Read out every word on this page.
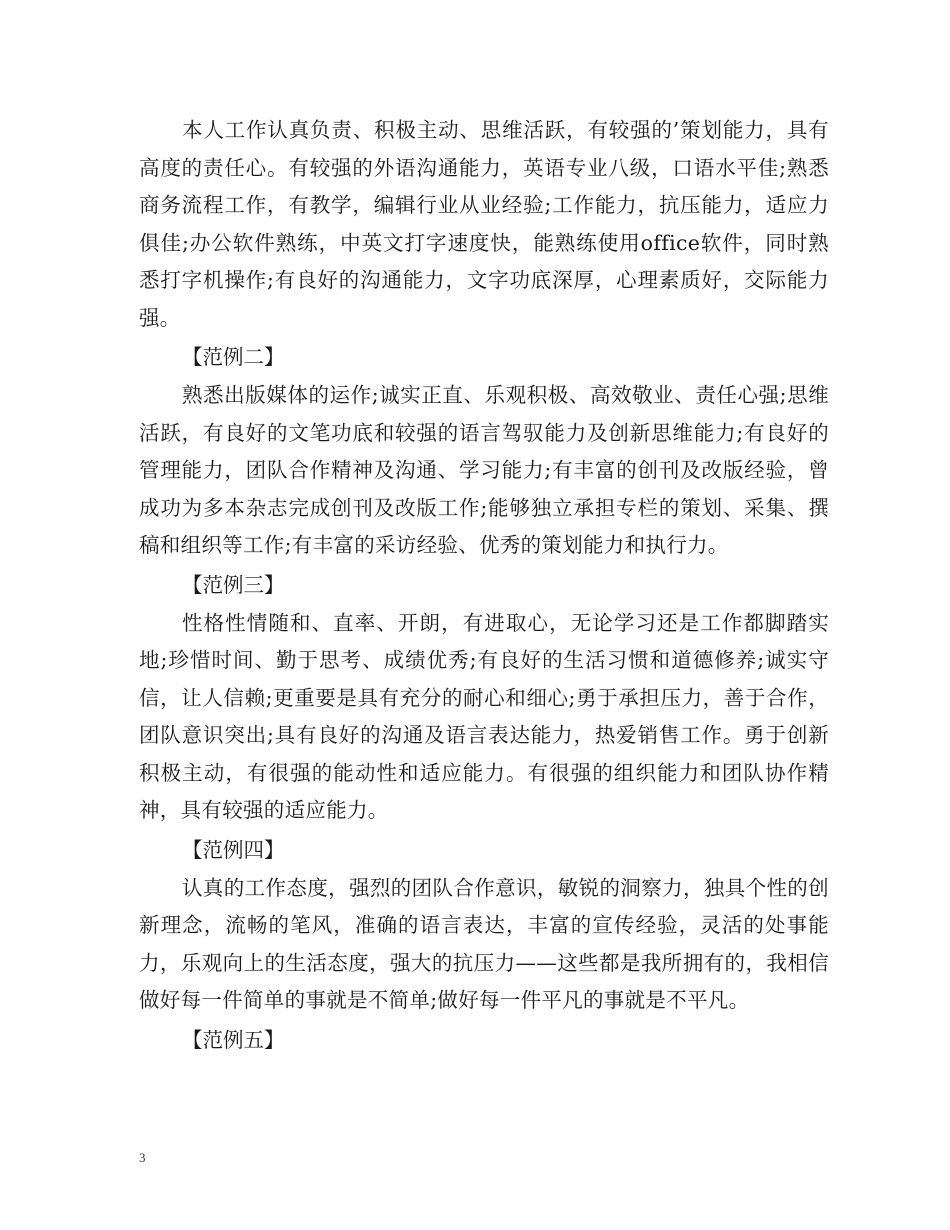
本人工作认真负责、积极主动、思维活跃，有较强的’策划能力，具有高度的责任心。有较强的外语沟通能力，英语专业八级，口语水平佳;熟悉商务流程工作，有教学，编辑行业从业经验;工作能力，抗压能力，适应力俱佳;办公软件熟练，中英文打字速度快，能熟练使用office软件，同时熟悉打字机操作;有良好的沟通能力，文字功底深厚，心理素质好，交际能力强。

【范例二】

熟悉出版媒体的运作;诚实正直、乐观积极、高效敬业、责任心强;思维活跃，有良好的文笔功底和较强的语言驾驭能力及创新思维能力;有良好的管理能力，团队合作精神及沟通、学习能力;有丰富的创刊及改版经验，曾成功为多本杂志完成创刊及改版工作;能够独立承担专栏的策划、采集、撰稿和组织等工作;有丰富的采访经验、优秀的策划能力和执行力。

【范例三】

性格性情随和、直率、开朗，有进取心，无论学习还是工作都脚踏实地;珍惜时间、勤于思考、成绩优秀;有良好的生活习惯和道德修养;诚实守信，让人信赖;更重要是具有充分的耐心和细心;勇于承担压力，善于合作，团队意识突出;具有良好的沟通及语言表达能力，热爱销售工作。勇于创新积极主动，有很强的能动性和适应能力。有很强的组织能力和团队协作精神，具有较强的适应能力。

【范例四】

认真的工作态度，强烈的团队合作意识，敏锐的洞察力，独具个性的创新理念，流畅的笔风，准确的语言表达，丰富的宣传经验，灵活的处事能力，乐观向上的生活态度，强大的抗压力——这些都是我所拥有的，我相信做好每一件简单的事就是不简单;做好每一件平凡的事就是不平凡。

【范例五】

3
